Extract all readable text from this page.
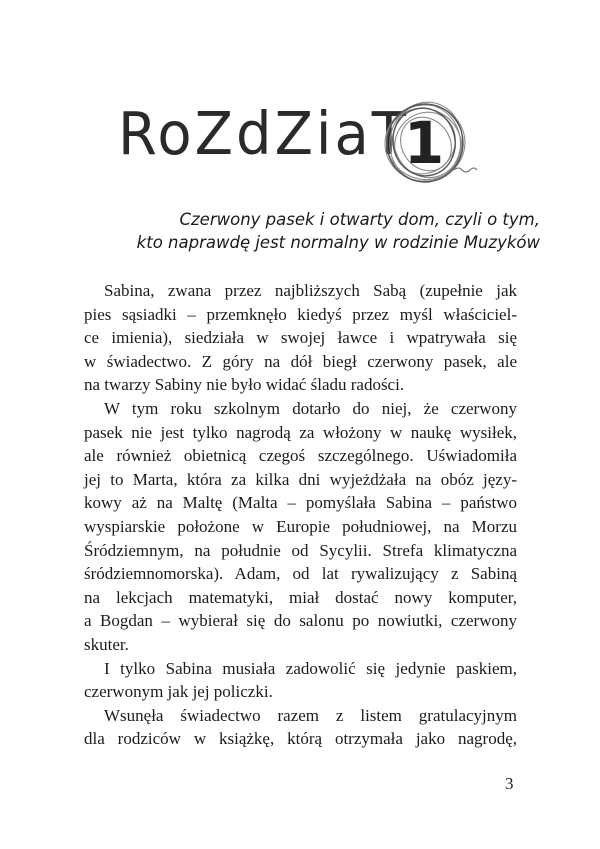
RoZdZiaT
1
Czerwony pasek i otwarty dom, czyli o tym,
kto naprawdę jest normalny w rodzinie Muzyków
Sabina, zwana przez najbliższych Sabą (zupełnie jak
pies sąsiadki – przemknęło kiedyś przez myśl właściciel-
ce imienia), siedziała w swojej ławce i wpatrywała się
w świadectwo. Z góry na dół biegł czerwony pasek, ale
na twarzy Sabiny nie było widać śladu radości.
W tym roku szkolnym dotarło do niej, że czerwony
pasek nie jest tylko nagrodą za włożony w naukę wysiłek,
ale również obietnicą czegoś szczególnego. Uświadomiła
jej to Marta, która za kilka dni wyjeżdżała na obóz języ-
kowy aż na Maltę (Malta – pomyślała Sabina – państwo
wyspiarskie położone w Europie południowej, na Morzu
Śródziemnym, na południe od Sycylii. Strefa klimatyczna
śródziemnomorska). Adam, od lat rywalizujący z Sabiną
na lekcjach matematyki, miał dostać nowy komputer,
a Bogdan – wybierał się do salonu po nowiutki, czerwony
skuter.
I tylko Sabina musiała zadowolić się jedynie paskiem,
czerwonym jak jej policzki.
Wsunęła świadectwo razem z listem gratulacyjnym
dla rodziców w książkę, którą otrzymała jako nagrodę,
3
